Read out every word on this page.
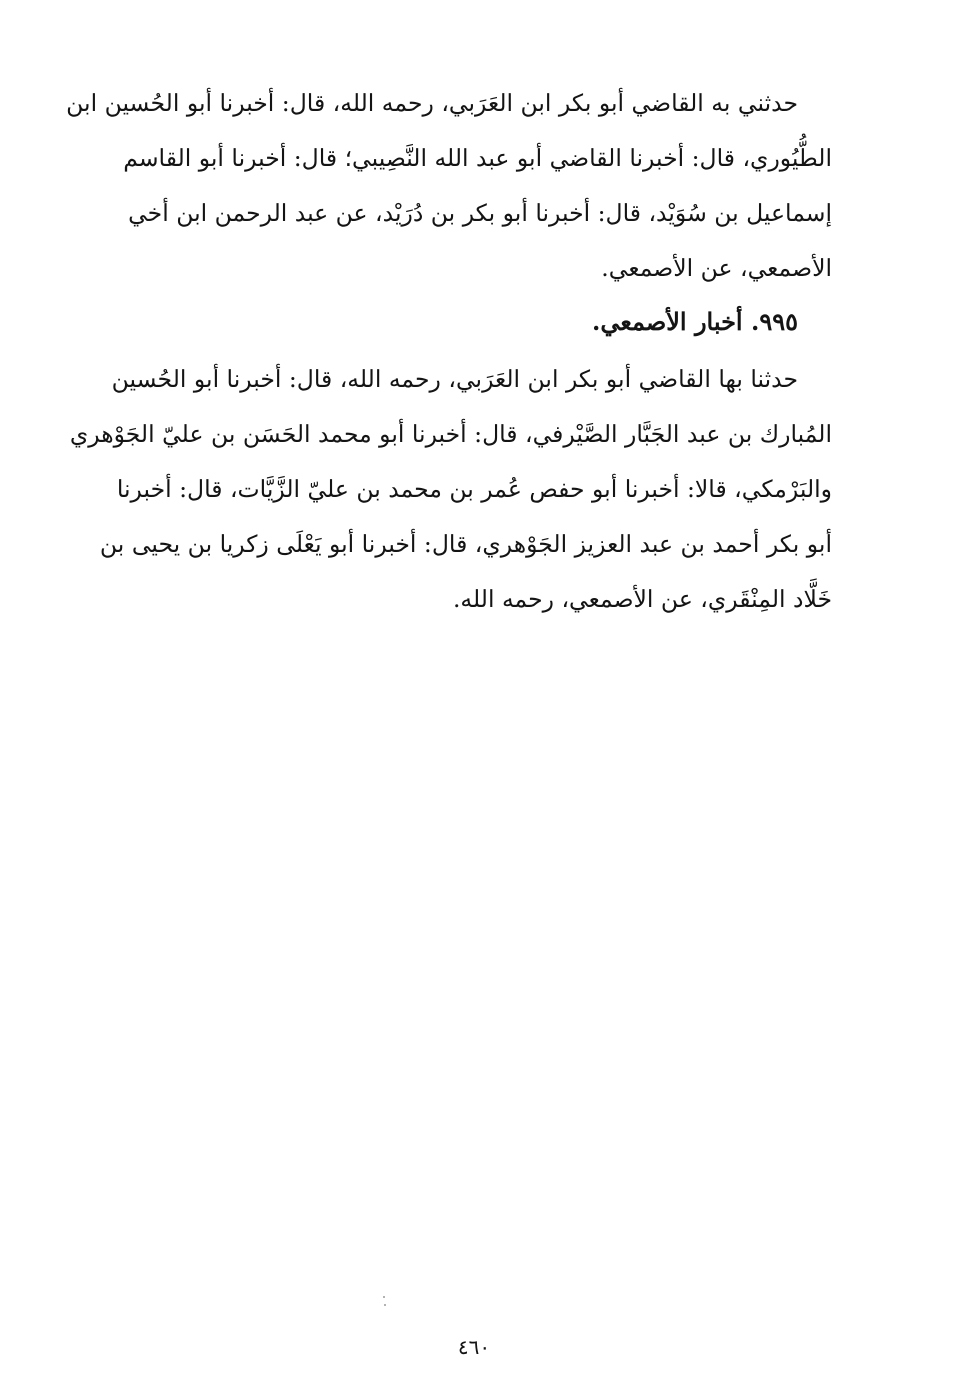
حدثني به القاضي أبو بكر ابن العَرَبي، رحمه الله، قال: أخبرنا أبو الحُسين ابن
الطُّيُوري، قال: أخبرنا القاضي أبو عبد الله النَّصِيبي؛ قال: أخبرنا أبو القاسم
إسماعيل بن سُوَيْد، قال: أخبرنا أبو بكر بن دُرَيْد، عن عبد الرحمن ابن أخي
الأصمعي، عن الأصمعي.
٩٩٥. أخبار الأصمعي.
حدثنا بها القاضي أبو بكر ابن العَرَبي، رحمه الله، قال: أخبرنا أبو الحُسين
المُبارك بن عبد الجَبَّار الصَّيْرفي، قال: أخبرنا أبو محمد الحَسَن بن عليّ الجَوْهري
والبَرْمكي، قالا: أخبرنا أبو حفص عُمر بن محمد بن عليّ الزَّيَّات، قال: أخبرنا
أبو بكر أحمد بن عبد العزيز الجَوْهري، قال: أخبرنا أبو يَعْلَى زكريا بن يحيى بن
خَلَّاد المِنْقَري، عن الأصمعي، رحمه الله.
٤٦٠
